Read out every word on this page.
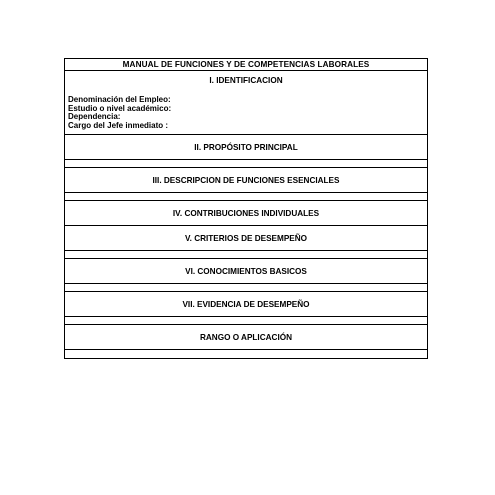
MANUAL DE FUNCIONES Y DE COMPETENCIAS LABORALES
I. IDENTIFICACION
Denominación del Empleo:
Estudio o nivel académico:
Dependencia:
Cargo del Jefe inmediato :
II. PROPÓSITO PRINCIPAL
III. DESCRIPCION DE FUNCIONES ESENCIALES
IV. CONTRIBUCIONES INDIVIDUALES
V. CRITERIOS DE DESEMPEÑO
VI. CONOCIMIENTOS BASICOS
VII. EVIDENCIA DE DESEMPEÑO
RANGO O APLICACIÓN
